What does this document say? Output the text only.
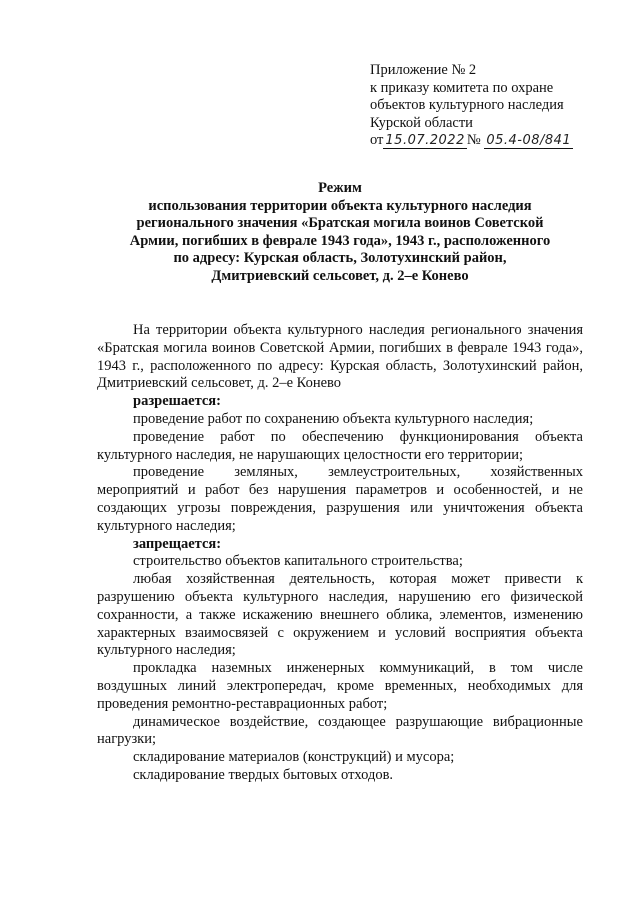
Приложение № 2
к приказу комитета по охране
объектов культурного наследия
Курской области
от 15.07.2022 № 05.4-08/841
Режим
использования территории объекта культурного наследия
регионального значения «Братская могила воинов Советской
Армии, погибших в феврале 1943 года», 1943 г., расположенного
по адресу: Курская область, Золотухинский район,
Дмитриевский сельсовет, д. 2–е Конево

На территории объекта культурного наследия регионального значения «Братская могила воинов Советской Армии, погибших в феврале 1943 года», 1943 г., расположенного по адресу: Курская область, Золотухинский район, Дмитриевский сельсовет, д. 2–е Конево

разрешается:

проведение работ по сохранению объекта культурного наследия;

проведение работ по обеспечению функционирования объекта культурного наследия, не нарушающих целостности его территории;

проведение земляных, землеустроительных, хозяйственных мероприятий и работ без нарушения параметров и особенностей, и не создающих угрозы повреждения, разрушения или уничтожения объекта культурного наследия;

запрещается:

строительство объектов капитального строительства;

любая хозяйственная деятельность, которая может привести к разрушению объекта культурного наследия, нарушению его физической сохранности, а также искажению внешнего облика, элементов, изменению характерных взаимосвязей с окружением и условий восприятия объекта культурного наследия;

прокладка наземных инженерных коммуникаций, в том числе воздушных линий электропередач, кроме временных, необходимых для проведения ремонтно-реставрационных работ;

динамическое воздействие, создающее разрушающие вибрационные нагрузки;

складирование материалов (конструкций) и мусора;

складирование твердых бытовых отходов.
